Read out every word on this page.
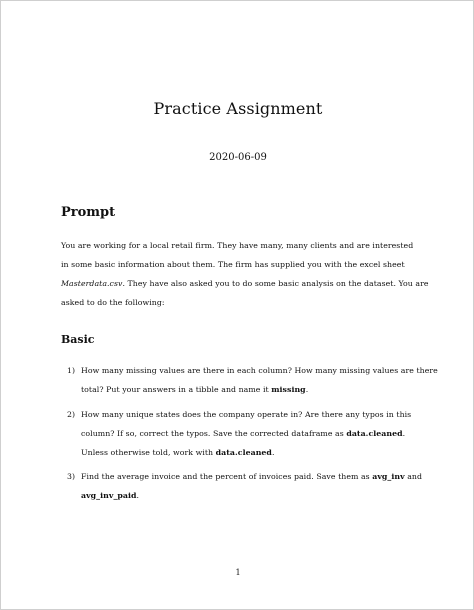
Practice Assignment
2020-06-09
Prompt
You are working for a local retail firm. They have many, many clients and are interested
in some basic information about them. The firm has supplied you with the excel sheet
Masterdata.csv. They have also asked you to do some basic analysis on the dataset. You are
asked to do the following:
Basic
1) How many missing values are there in each column? How many missing values are there
total? Put your answers in a tibble and name it missing.
2) How many unique states does the company operate in? Are there any typos in this
column? If so, correct the typos. Save the corrected dataframe as data.cleaned.
Unless otherwise told, work with data.cleaned.
3) Find the average invoice and the percent of invoices paid. Save them as avg_inv and
avg_inv_paid.
1
